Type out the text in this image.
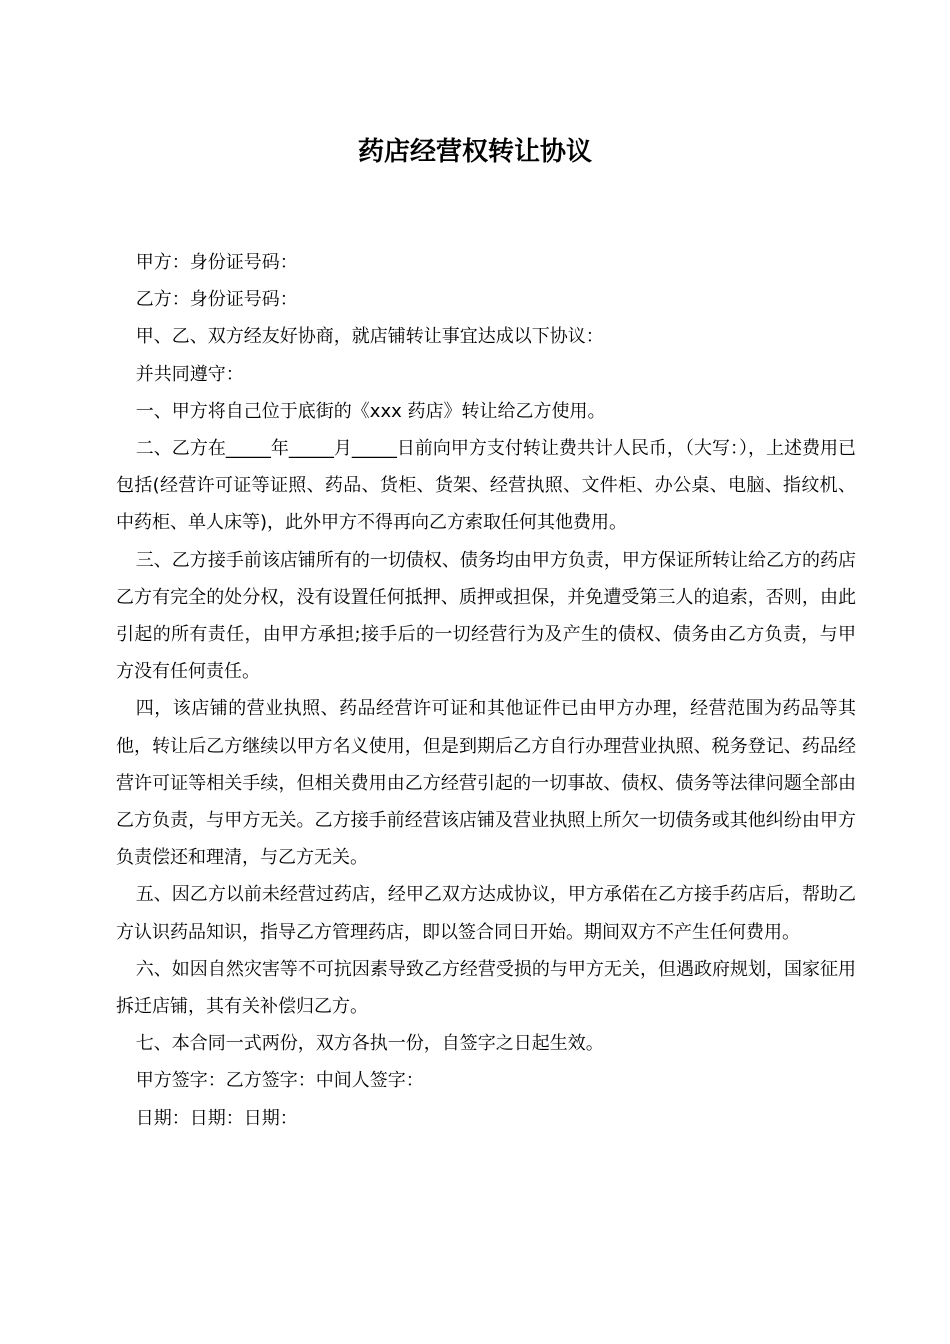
药店经营权转让协议

甲方：身份证号码：

乙方：身份证号码：

甲、乙、双方经友好协商，就店铺转让事宜达成以下协议：

并共同遵守：

一、甲方将自己位于底街的《xxx 药店》转让给乙方使用。

二、乙方在_____年_____月_____日前向甲方支付转让费共计人民币，（大写：），上述费用已包括(经营许可证等证照、药品、货柜、货架、经营执照、文件柜、办公桌、电脑、指纹机、中药柜、单人床等)，此外甲方不得再向乙方索取任何其他费用。

三、乙方接手前该店铺所有的一切债权、债务均由甲方负责，甲方保证所转让给乙方的药店乙方有完全的处分权，没有设置任何抵押、质押或担保，并免遭受第三人的追索，否则，由此引起的所有责任，由甲方承担;接手后的一切经营行为及产生的债权、债务由乙方负责，与甲方没有任何责任。

四，该店铺的营业执照、药品经营许可证和其他证件已由甲方办理，经营范围为药品等其他，转让后乙方继续以甲方名义使用，但是到期后乙方自行办理营业执照、税务登记、药品经营许可证等相关手续，但相关费用由乙方经营引起的一切事故、债权、债务等法律问题全部由乙方负责，与甲方无关。乙方接手前经营该店铺及营业执照上所欠一切债务或其他纠纷由甲方负责偿还和理清，与乙方无关。

五、因乙方以前未经营过药店，经甲乙双方达成协议，甲方承偌在乙方接手药店后，帮助乙方认识药品知识，指导乙方管理药店，即以签合同日开始。期间双方不产生任何费用。

六、如因自然灾害等不可抗因素导致乙方经营受损的与甲方无关，但遇政府规划，国家征用拆迁店铺，其有关补偿归乙方。

七、本合同一式两份，双方各执一份，自签字之日起生效。

甲方签字：乙方签字：中间人签字：

日期：日期：日期：
